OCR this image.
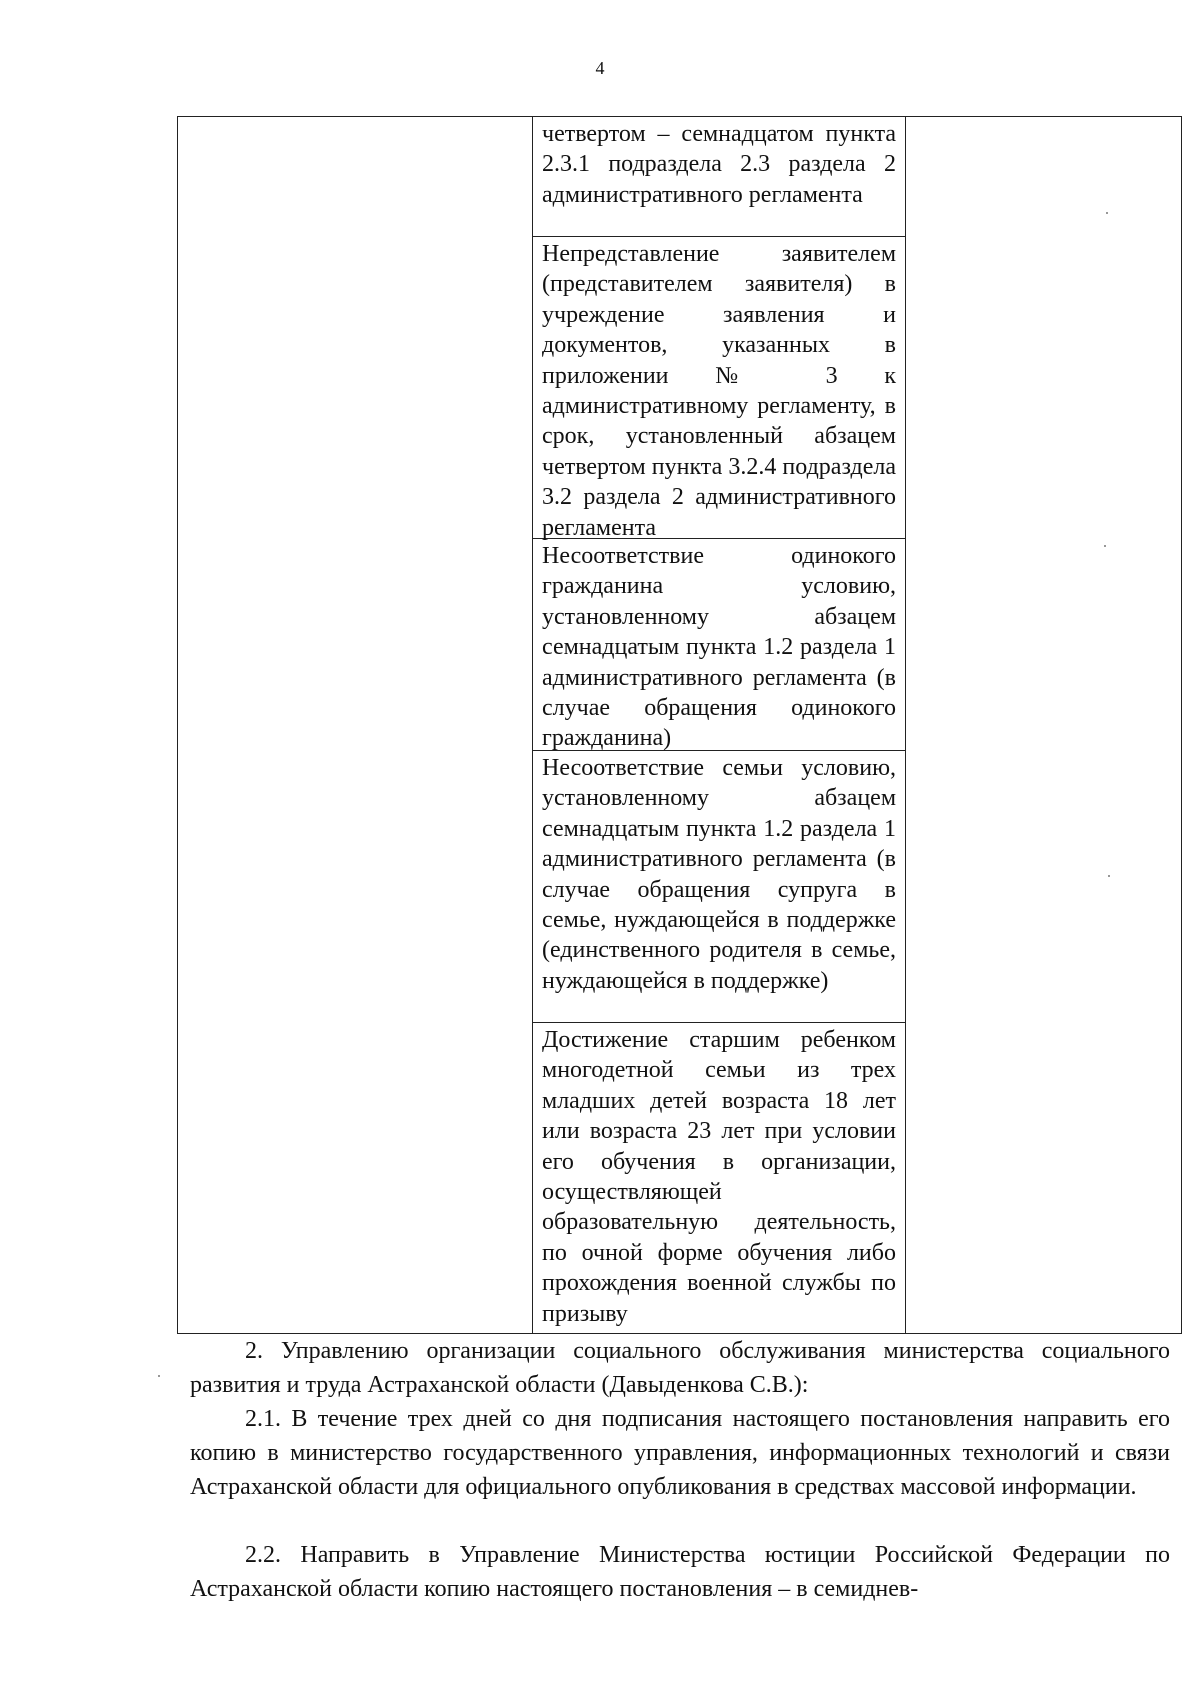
4
четвертом – семнадцатом пункта 2.3.1 подраздела 2.3 раздела 2 административного регламента
Непредставление заявителем (представителем заявителя) в учреждение заявления и документов, указанных в приложении № 3 к административному регламенту, в срок, установленный абзацем четвертом пункта 3.2.4 подраздела 3.2 раздела 2 административного регламента
Несоответствие одинокого гражданина условию, установленному абзацем семнадцатым пункта 1.2 раздела 1 административного регламента (в случае обращения одинокого гражданина)
Несоответствие семьи условию, установленному абзацем семнадцатым пункта 1.2 раздела 1 административного регламента (в случае обращения супруга в семье, нуждающейся в поддержке (единственного родителя в семье, нуждающейся в поддержке)
Достижение старшим ребенком многодетной семьи из трех младших детей возраста 18 лет или возраста 23 лет при условии его обучения в организации, осуществляющей образовательную деятельность, по очной форме обучения либо прохождения военной службы по призыву

2. Управлению организации социального обслуживания министерства социального развития и труда Астраханской области (Давыденкова С.В.):

2.1. В течение трех дней со дня подписания настоящего постановления направить его копию в министерство государственного управления, информационных технологий и связи Астраханской области для официального опубликования в средствах массовой информации.

2.2. Направить в Управление Министерства юстиции Российской Федерации по Астраханской области копию настоящего постановления – в семиднев-
